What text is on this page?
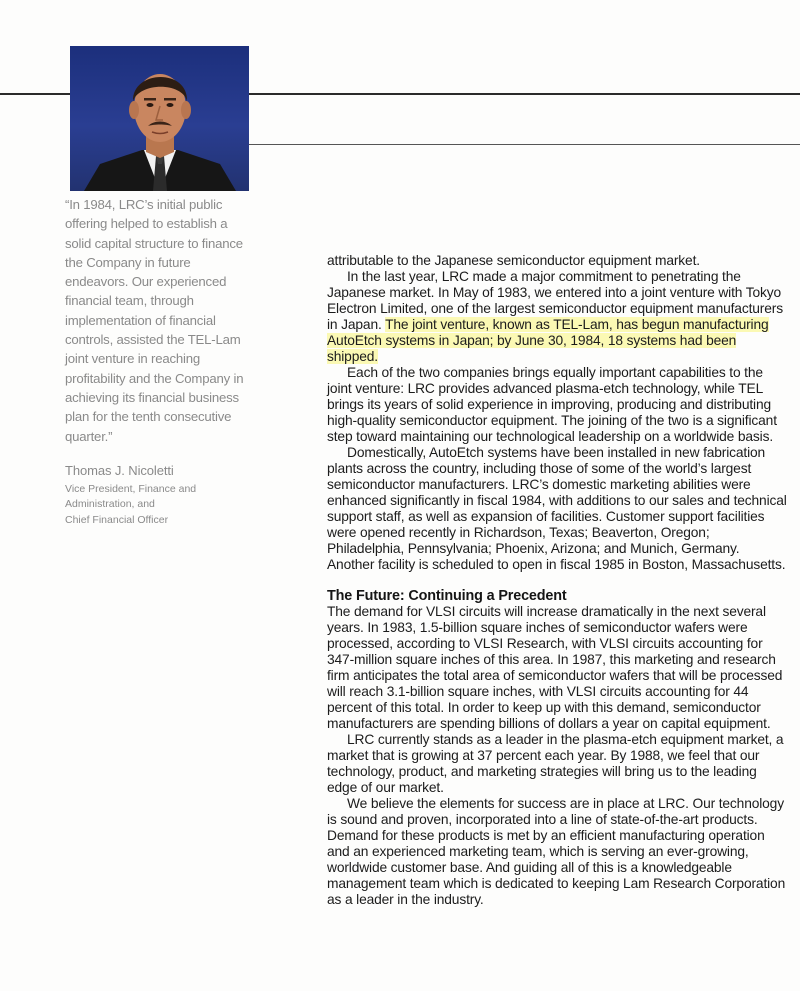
“In 1984, LRC’s initial public offering helped to establish a solid capital structure to finance the Company in future endeavors. Our experienced financial team, through implementation of financial controls, assisted the TEL-Lam joint venture in reaching profitability and the Company in achieving its financial business plan for the tenth consecutive quarter.”

Thomas J. Nicoletti
Vice President, Finance and
Administration, and
Chief Financial Officer

attributable to the Japanese semiconductor equipment market.

In the last year, LRC made a major commitment to penetrating the Japanese market. In May of 1983, we entered into a joint venture with Tokyo Electron Limited, one of the largest semiconductor equipment manufacturers in Japan. The joint venture, known as TEL-Lam, has begun manufacturing AutoEtch systems in Japan; by June 30, 1984, 18 systems had been shipped.

Each of the two companies brings equally important capabilities to the joint venture: LRC provides advanced plasma-etch technology, while TEL brings its years of solid experience in improving, producing and distributing high-quality semiconductor equipment. The joining of the two is a significant step toward maintaining our technological leadership on a worldwide basis.

Domestically, AutoEtch systems have been installed in new fabrication plants across the country, including those of some of the world’s largest semiconductor manufacturers. LRC’s domestic marketing abilities were enhanced significantly in fiscal 1984, with additions to our sales and technical support staff, as well as expansion of facilities. Customer support facilities were opened recently in Richardson, Texas; Beaverton, Oregon; Philadelphia, Pennsylvania; Phoenix, Arizona; and Munich, Germany. Another facility is scheduled to open in fiscal 1985 in Boston, Massachusetts.

The Future: Continuing a Precedent

The demand for VLSI circuits will increase dramatically in the next several years. In 1983, 1.5-billion square inches of semiconductor wafers were processed, according to VLSI Research, with VLSI circuits accounting for 347-million square inches of this area. In 1987, this marketing and research firm anticipates the total area of semiconductor wafers that will be processed will reach 3.1-billion square inches, with VLSI circuits accounting for 44 percent of this total. In order to keep up with this demand, semiconductor manufacturers are spending billions of dollars a year on capital equipment.

LRC currently stands as a leader in the plasma-etch equipment market, a market that is growing at 37 percent each year. By 1988, we feel that our technology, product, and marketing strategies will bring us to the leading edge of our market.

We believe the elements for success are in place at LRC. Our technology is sound and proven, incorporated into a line of state-of-the-art products. Demand for these products is met by an efficient manufacturing operation and an experienced marketing team, which is serving an ever-growing, worldwide customer base. And guiding all of this is a knowledgeable management team which is dedicated to keeping Lam Research Corporation as a leader in the industry.
